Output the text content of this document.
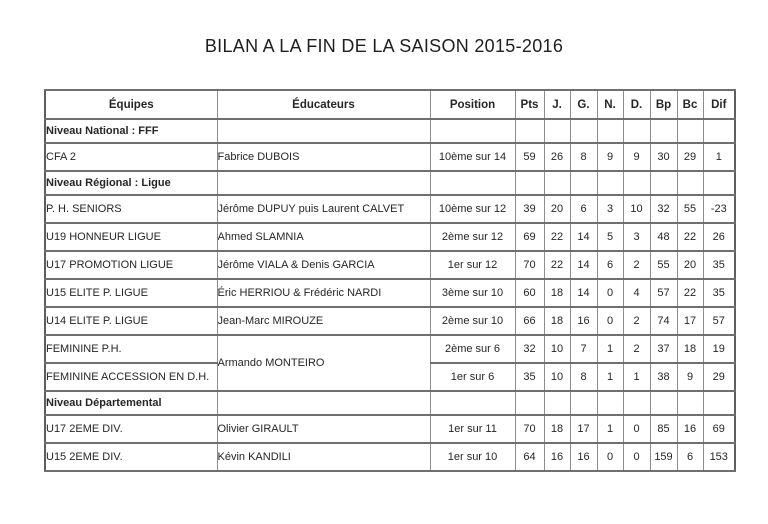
BILAN A LA FIN DE LA SAISON 2015-2016
Équipes	Éducateurs	Position	Pts	J.	G.	N.	D.	Bp	Bc	Dif
Niveau National : FFF										
CFA 2	Fabrice DUBOIS	10ème sur 14	59	26	8	9	9	30	29	1
Niveau Régional : Ligue										
P. H. SENIORS	Jérôme DUPUY puis Laurent CALVET	10ème sur 12	39	20	6	3	10	32	55	-23
U19 HONNEUR LIGUE	Ahmed SLAMNIA	2ème sur 12	69	22	14	5	3	48	22	26
U17 PROMOTION LIGUE	Jérôme VIALA & Denis GARCIA	1er sur 12	70	22	14	6	2	55	20	35
U15 ELITE P. LIGUE	Éric HERRIOU & Frédéric NARDI	3ème sur 10	60	18	14	0	4	57	22	35
U14 ELITE P. LIGUE	Jean-Marc MIROUZE	2ème sur 10	66	18	16	0	2	74	17	57
FEMININE P.H.	Armando MONTEIRO	2ème sur 6	32	10	7	1	2	37	18	19
FEMININE ACCESSION EN D.H.		1er sur 6	35	10	8	1	1	38	9	29
Niveau Départemental										
U17 2EME DIV.	Olivier GIRAULT	1er sur 11	70	18	17	1	0	85	16	69
U15 2EME DIV.	Kévin KANDILI	1er sur 10	64	16	16	0	0	159	6	153
